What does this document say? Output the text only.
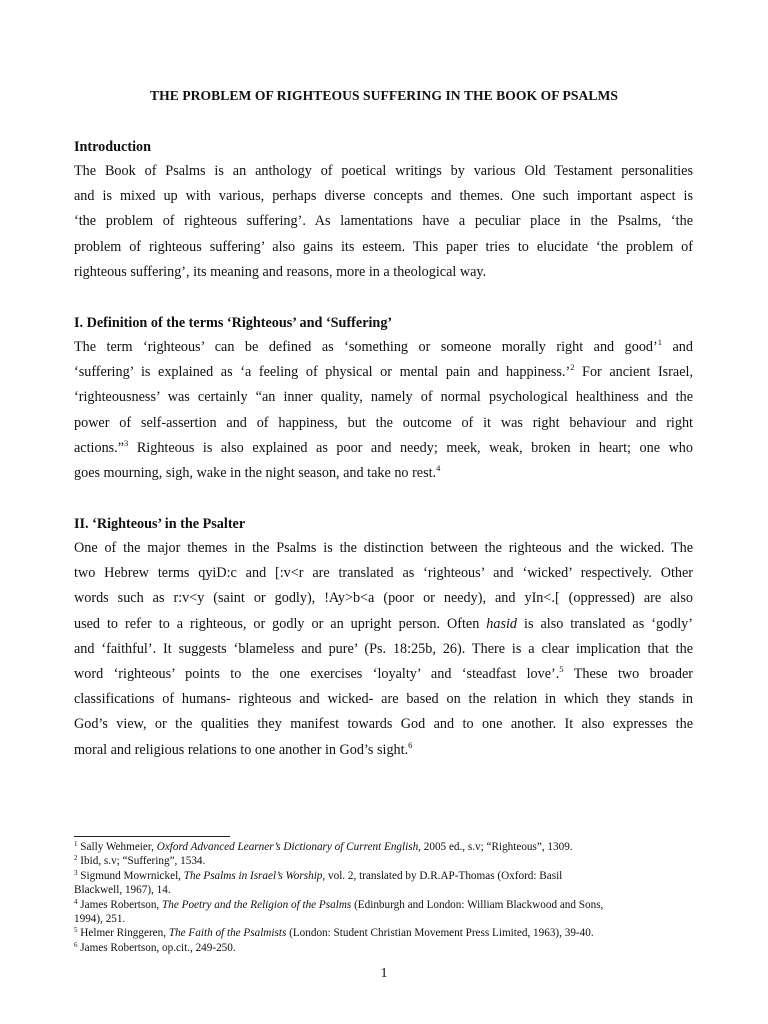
THE PROBLEM OF RIGHTEOUS SUFFERING IN THE BOOK OF PSALMS
Introduction
The Book of Psalms is an anthology of poetical writings by various Old Testament personalities
and is mixed up with various, perhaps diverse concepts and themes. One such important aspect is
‘the problem of righteous suffering’. As lamentations have a peculiar place in the Psalms, ‘the
problem of righteous suffering’ also gains its esteem. This paper tries to elucidate ‘the problem of
righteous suffering’, its meaning and reasons, more in a theological way.
I. Definition of the terms ‘Righteous’ and ‘Suffering’
The term ‘righteous’ can be defined as ‘something or someone morally right and good’$^1$ and
‘suffering’ is explained as ‘a feeling of physical or mental pain and happiness.’$^2$ For ancient Israel,
‘righteousness’ was certainly “an inner quality, namely of normal psychological healthiness and the
power of self-assertion and of happiness, but the outcome of it was right behaviour and right
actions.”$^3$ Righteous is also explained as poor and needy; meek, weak, broken in heart; one who
goes mourning, sigh, wake in the night season, and take no rest.$^4$
II. ‘Righteous’ in the Psalter
One of the major themes in the Psalms is the distinction between the righteous and the wicked. The
two Hebrew terms qyiD:c and [:v<r are translated as ‘righteous’ and ‘wicked’ respectively. Other
words such as r:v<y (saint or godly), !Ay>b<a (poor or needy), and yIn<.[ (oppressed) are also
used to refer to a righteous, or godly or an upright person. Often hasid is also translated as ‘godly’
and ‘faithful’. It suggests ‘blameless and pure’ (Ps. 18:25b, 26). There is a clear implication that the
word ‘righteous’ points to the one exercises ‘loyalty’ and ‘steadfast love’.$^5$ These two broader
classifications of humans- righteous and wicked- are based on the relation in which they stands in
God’s view, or the qualities they manifest towards God and to one another. It also expresses the
moral and religious relations to one another in God’s sight.$^6$
$^1$ Sally Wehmeier, Oxford Advanced Learner’s Dictionary of Current English, 2005 ed., s.v; “Righteous”, 1309.
$^2$ Ibid, s.v; “Suffering”, 1534.
$^3$ Sigmund Mowrnickel, The Psalms in Israel’s Worship, vol. 2, translated by D.R.AP-Thomas (Oxford: Basil
Blackwell, 1967), 14.
$^4$ James Robertson, The Poetry and the Religion of the Psalms (Edinburgh and London: William Blackwood and Sons,
1994), 251.
$^5$ Helmer Ringgeren, The Faith of the Psalmists (London: Student Christian Movement Press Limited, 1963), 39-40.
$^6$ James Robertson, op.cit., 249-250.
1
